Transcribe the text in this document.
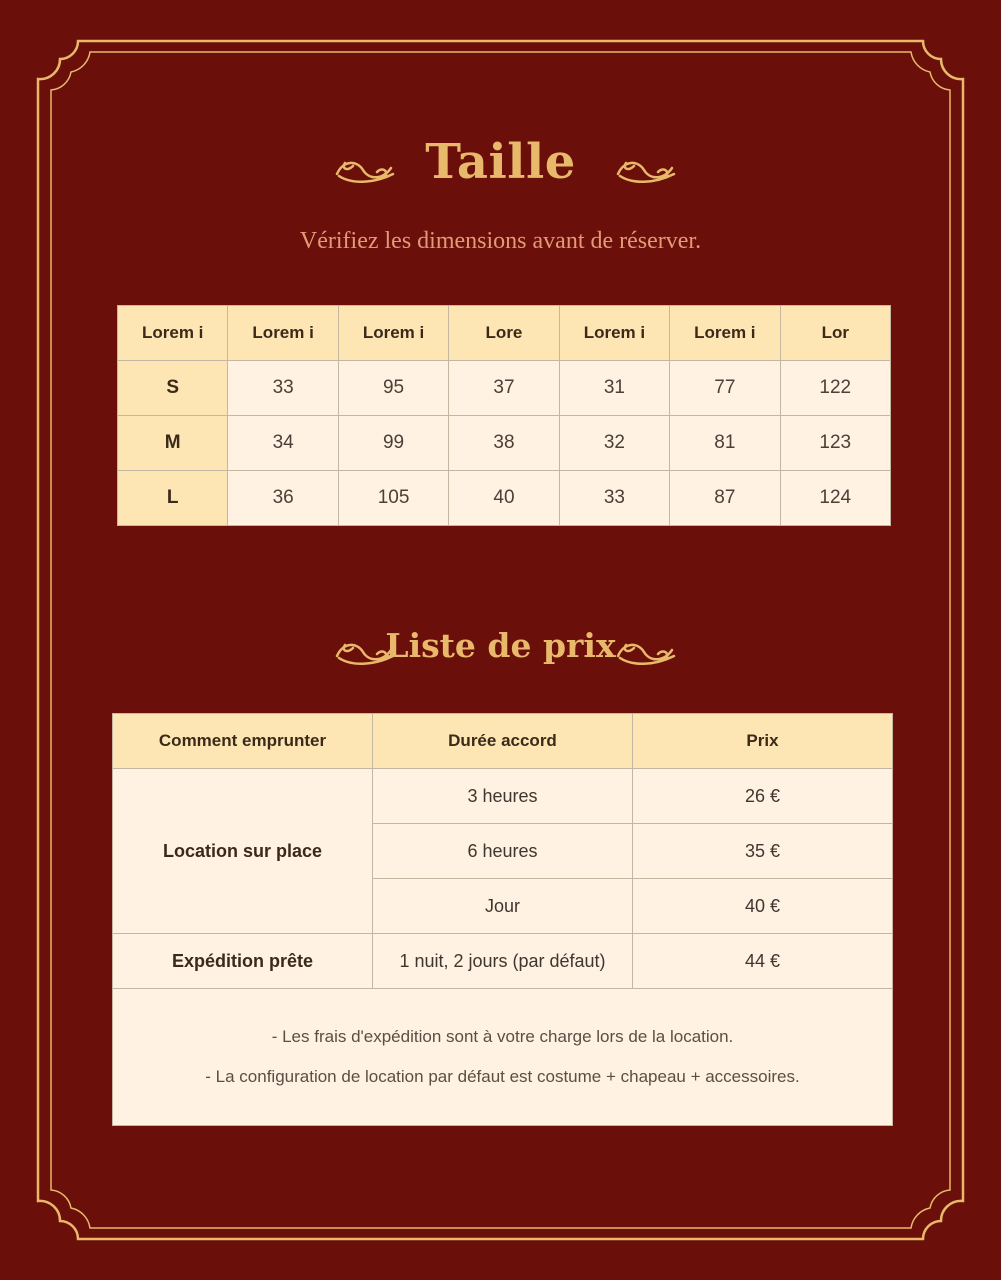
Taille
Vérifiez les dimensions avant de réserver.
Lorem i	Lorem i	Lorem i	Lore	Lorem i	Lorem i	Lor
S	33	95	37	31	77	122
M	34	99	38	32	81	123
L	36	105	40	33	87	124
Liste de prix
Comment emprunter	Durée accord	Prix
Location sur place	3 heures	26 €
	6 heures	35 €
	Jour	40 €
Expédition prête	1 nuit, 2 jours (par défaut)	44 €

- Les frais d'expédition sont à votre charge lors de la location.
- La configuration de location par défaut est costume + chapeau + accessoires.		
